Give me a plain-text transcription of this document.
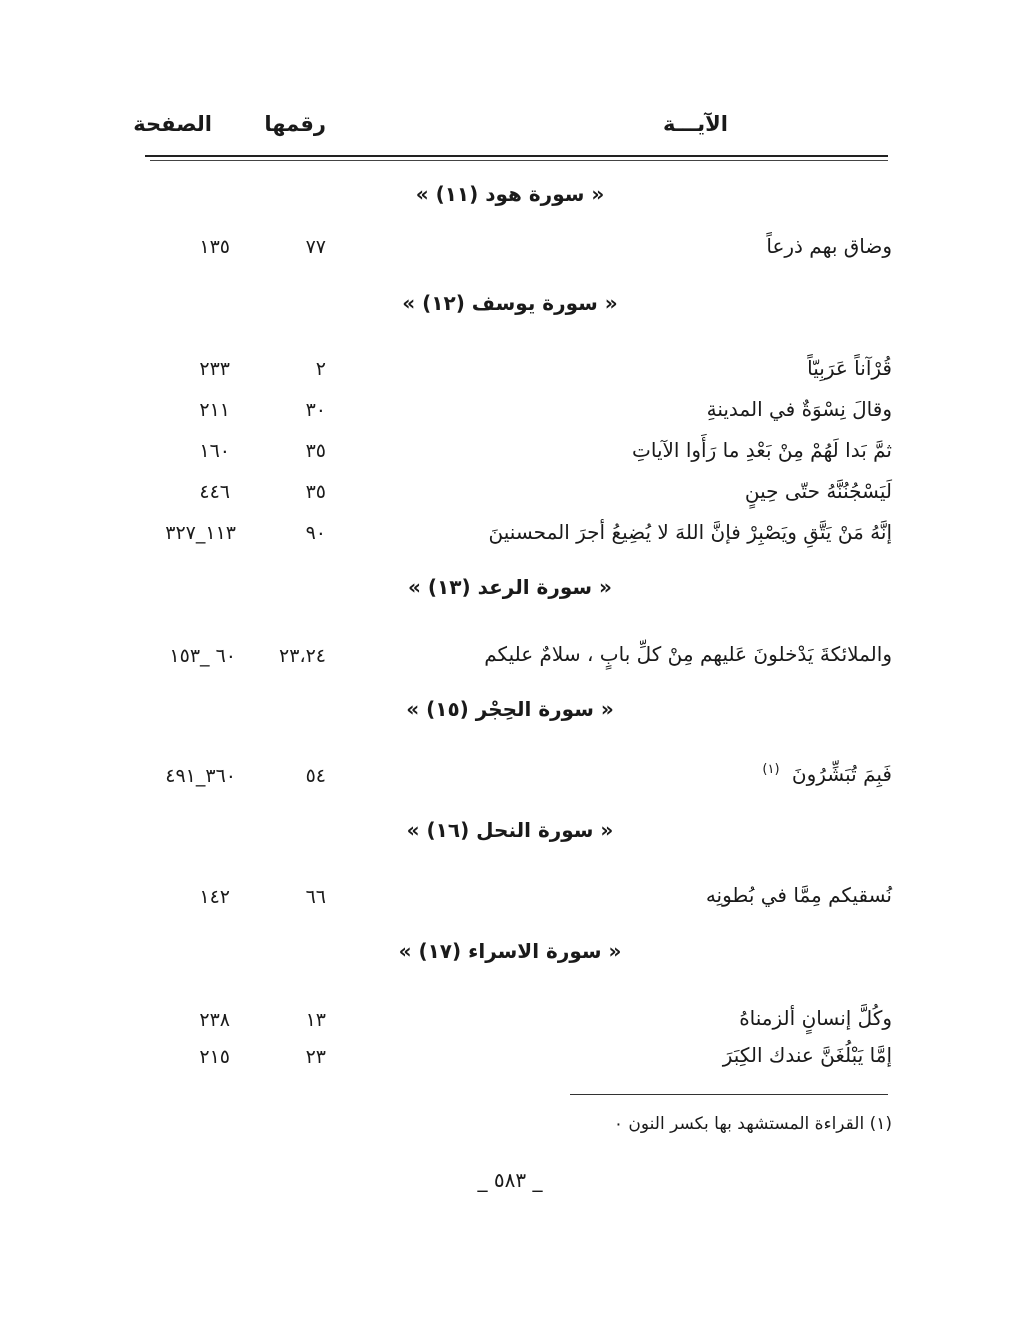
الآيـــة
رقمها
الصفحة
« سورة هود (١١) »
وضاق بهم ذرعاً
٧٧
١٣٥
« سورة يوسف (١٢) »
قُرْآناً عَرَبِيّاً
٢
٢٣٣
وقالَ نِسْوَةٌ في المدينةِ
٣٠
٢١١
ثمَّ بَدا لَهُمْ مِنْ بَعْدِ ما رَأَوا الآياتِ
٣٥
١٦٠
لَيَسْجُنُنَّهُ حتّى حِينٍ
٣٥
٤٤٦
إنَّهُ مَنْ يَتَّقِ ويَصْبِرْ فإنَّ اللهَ لا يُضِيعُ أجرَ المحسنينَ
٩٠
١١٣_٣٢٧
« سورة الرعد (١٣) »
والملائكةَ يَدْخلونَ عَليهم مِنْ كلِّ بابٍ ، سلامٌ عليكم
٢٣،٢٤
٦٠ _١٥٣
« سورة الحِجْر (١٥) »
فَبِمَ تُبَشِّرُونَ $^{(١)}$
٥٤
٣٦٠_٤٩١
« سورة النحل (١٦) »
نُسقيكم مِمَّا في بُطونِه
٦٦
١٤٢
« سورة الاسراء (١٧) »
وكُلَّ إنسانٍ ألزمناهُ
١٣
٢٣٨
إمَّا يَبْلُغَنَّ عندك الكِبَرَ
٢٣
٢١٥
(١) القراءة المستشهد بها بكسر النون ٠
_ ٥٨٣ _
